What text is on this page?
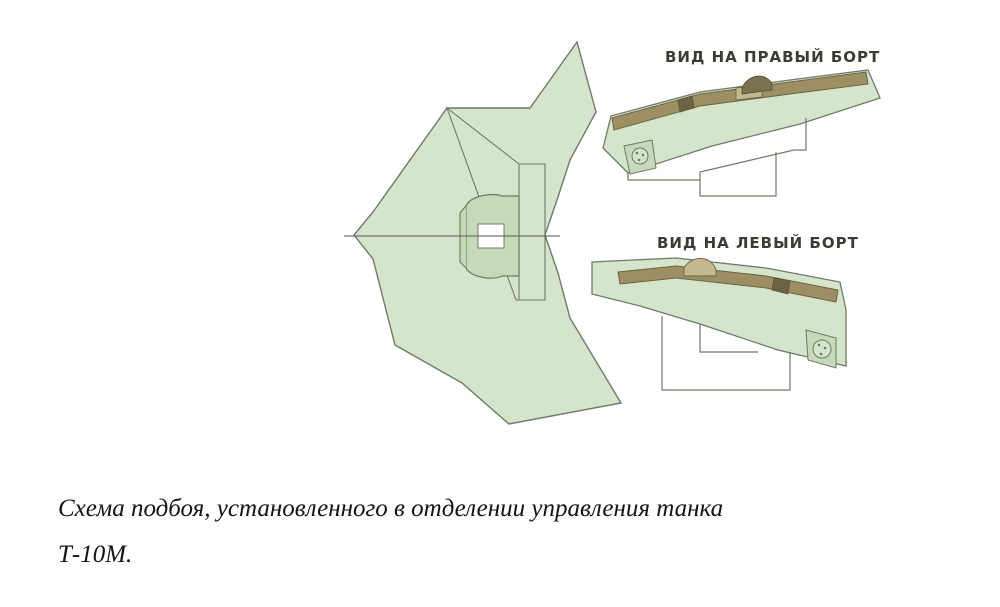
ВИД НА ПРАВЫЙ БОРТ
ВИД НА ЛЕВЫЙ БОРТ
Схема подбоя, установленного в отделении управления танка
Т-10М.
